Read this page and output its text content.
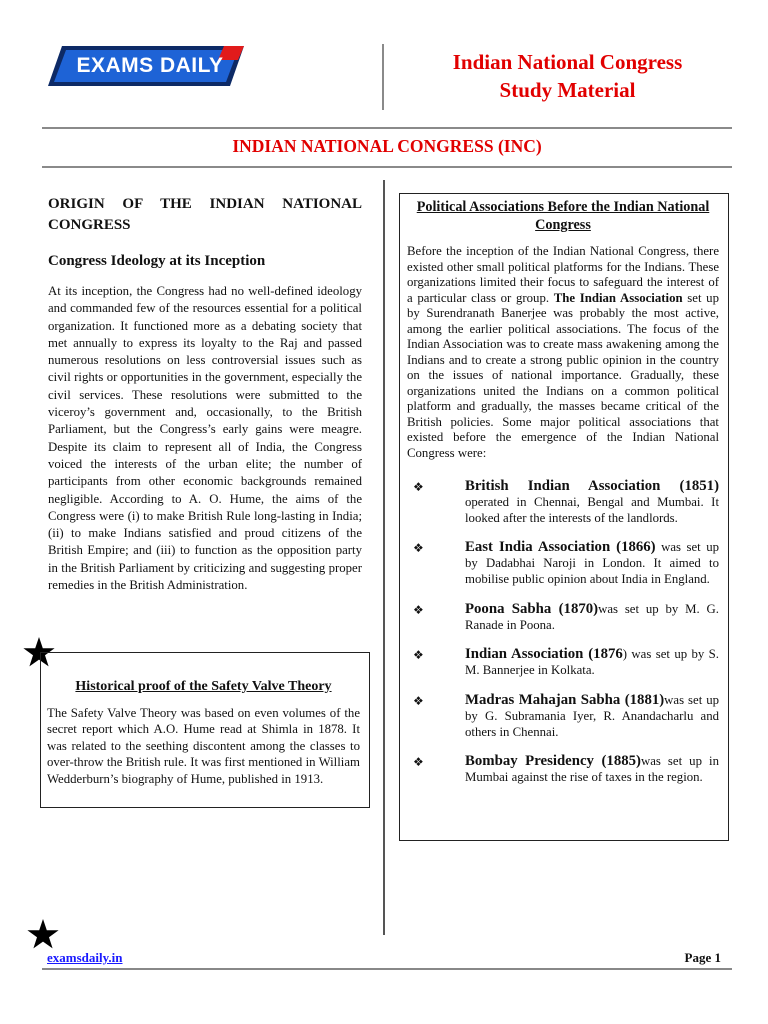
EXAMS DAILY	Indian National Congress
Study Material
INDIAN NATIONAL CONGRESS (INC)
ORIGIN OF THE INDIAN NATIONAL CONGRESS
Congress Ideology at its Inception

At its inception, the Congress had no well-defined ideology and commanded few of the resources essential for a political organization. It functioned more as a debating society that met annually to express its loyalty to the Raj and passed numerous resolutions on less controversial issues such as civil rights or opportunities in the government, especially the civil services. These resolutions were submitted to the viceroy’s government and, occasionally, to the British Parliament, but the Congress’s early gains were meagre. Despite its claim to represent all of India, the Congress voiced the interests of the urban elite; the number of participants from other economic backgrounds remained negligible. According to A. O. Hume, the aims of the Congress were (i) to make British Rule long-lasting in India; (ii) to make Indians satisfied and proud citizens of the British Empire; and (iii) to function as the opposition party in the British Parliament by criticizing and suggesting proper remedies in the British Administration.

Historical proof of the Safety Valve Theory

The Safety Valve Theory was based on even volumes of the secret report which A.O. Hume read at Shimla in 1878. It was related to the seething discontent among the classes to over-throw the British rule. It was first mentioned in William Wedderburn’s biography of Hume, published in 1913.

Political Associations Before the Indian National Congress

Before the inception of the Indian National Congress, there existed other small political platforms for the Indians. These organizations limited their focus to safeguard the interest of a particular class or group. The Indian Association set up by Surendranath Banerjee was probably the most active, among the earlier political associations. The focus of the Indian Association was to create mass awakening among the Indians and to create a strong public opinion in the country on the issues of national importance. Gradually, these organizations united the Indians on a common political platform and gradually, the masses became critical of the British policies. Some major political associations that existed before the emergence of the Indian National Congress were:

❖	British Indian Association (1851) operated in Chennai, Bengal and Mumbai. It looked after the interests of the landlords.
❖	East India Association (1866) was set up by Dadabhai Naroji in London. It aimed to mobilise public opinion about India in England.
❖	Poona Sabha (1870)was set up by M. G. Ranade in Poona.
❖	Indian Association (1876) was set up by S. M. Bannerjee in Kolkata.
❖	Madras Mahajan Sabha (1881)was set up by G. Subramania Iyer, R. Anandacharlu and others in Chennai.
❖	Bombay Presidency (1885)was set up in Mumbai against the rise of taxes in the region.
examsdaily.in	Page 1
